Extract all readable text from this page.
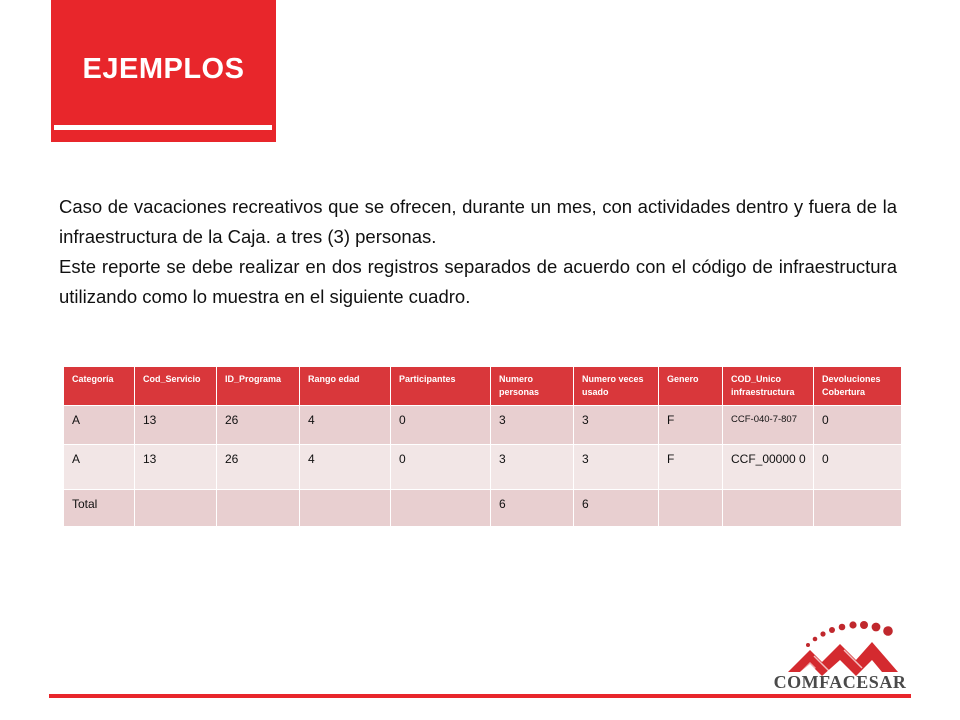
EJEMPLOS

Caso de vacaciones recreativos que se ofrecen, durante un mes, con actividades dentro y fuera de la infraestructura de la Caja. a tres (3) personas.

Este reporte se debe realizar en dos registros separados de acuerdo con el código de infraestructura utilizando como lo muestra en el siguiente cuadro.

Categoría	Cod_Servicio	ID_Programa	Rango edad	Participantes	Numero personas	Numero veces usado	Genero	COD_Unico infraestructura	Devoluciones Cobertura
A	13	26	4	0	3	3	F	CCF-040-7-807	0
A	13	26	4	0	3	3	F	CCF_00000 0	0
Total					6	6			
COMFACESAR
